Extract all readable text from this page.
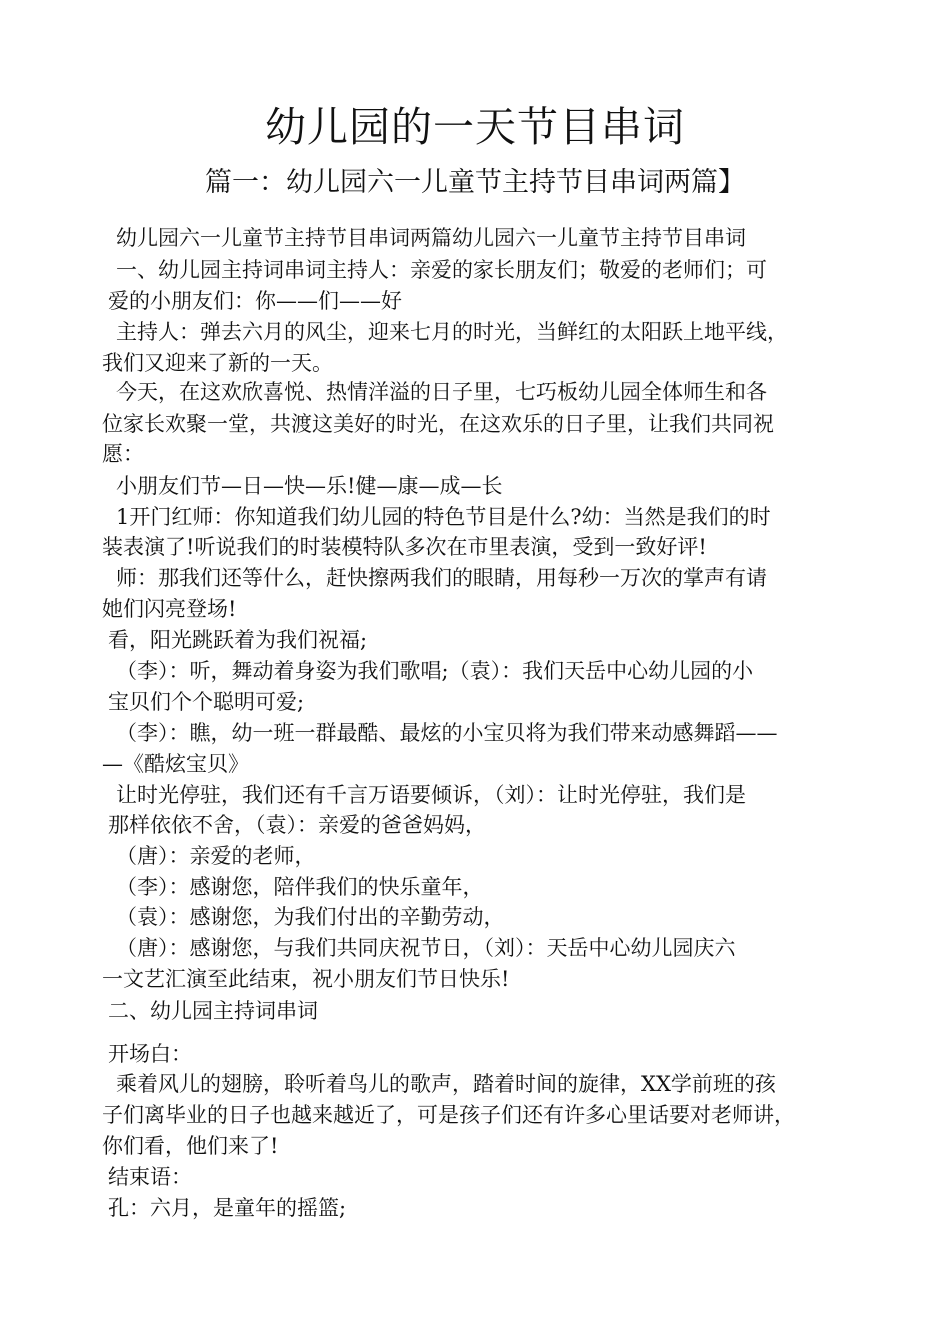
幼儿园的一天节目串词
篇一：幼儿园六一儿童节主持节目串词两篇】

幼儿园六一儿童节主持节目串词两篇幼儿园六一儿童节主持节目串词

一、幼儿园主持词串词主持人：亲爱的家长朋友们；敬爱的老师们；可

爱的小朋友们：你——们——好

主持人：弹去六月的风尘，迎来七月的时光，当鲜红的太阳跃上地平线，

我们又迎来了新的一天。

今天，在这欢欣喜悦、热情洋溢的日子里，七巧板幼儿园全体师生和各

位家长欢聚一堂，共渡这美好的时光，在这欢乐的日子里，让我们共同祝

愿：

小朋友们节—日—快—乐!健—康—成—长

1开门红师：你知道我们幼儿园的特色节目是什么?幼：当然是我们的时

装表演了!听说我们的时装模特队多次在市里表演，受到一致好评!

师：那我们还等什么，赶快擦两我们的眼睛，用每秒一万次的掌声有请

她们闪亮登场!

看，阳光跳跃着为我们祝福;

（李）：听，舞动着身姿为我们歌唱;（袁）：我们天岳中心幼儿园的小

宝贝们个个聪明可爱;

（李）：瞧，幼一班一群最酷、最炫的小宝贝将为我们带来动感舞蹈——

—《酷炫宝贝》

让时光停驻，我们还有千言万语要倾诉，（刘）：让时光停驻，我们是

那样依依不舍，（袁）：亲爱的爸爸妈妈，

（唐）：亲爱的老师，

（李）：感谢您，陪伴我们的快乐童年，

（袁）：感谢您，为我们付出的辛勤劳动，

（唐）：感谢您，与我们共同庆祝节日，（刘）：天岳中心幼儿园庆六

一文艺汇演至此结束，祝小朋友们节日快乐!

二、幼儿园主持词串词

开场白：

乘着风儿的翅膀，聆听着鸟儿的歌声，踏着时间的旋律，XX学前班的孩

子们离毕业的日子也越来越近了，可是孩子们还有许多心里话要对老师讲，

你们看，他们来了!

结束语：

孔：六月，是童年的摇篮;
